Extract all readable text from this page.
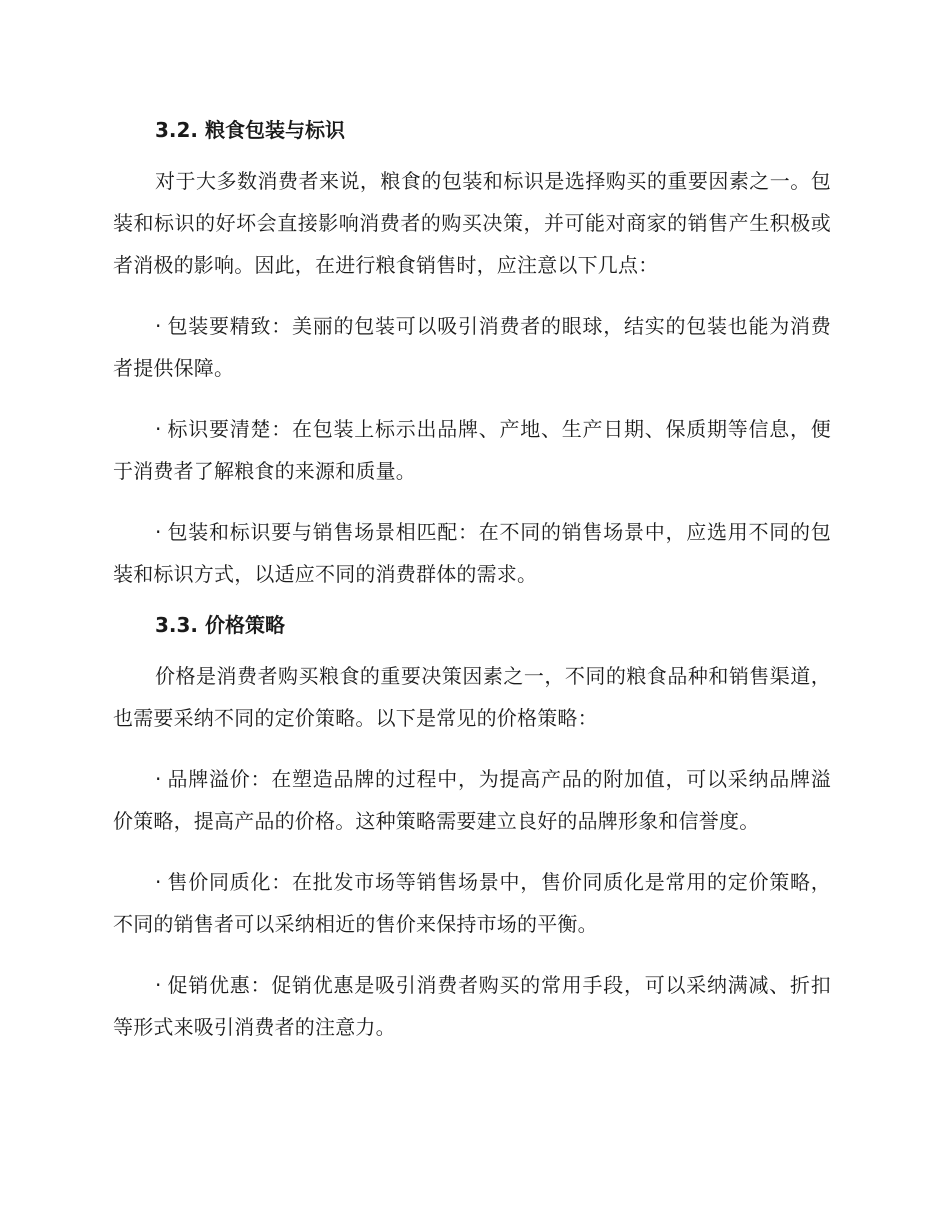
3.2. 粮食包装与标识

对于大多数消费者来说，粮食的包装和标识是选择购买的重要因素之一。包装和标识的好坏会直接影响消费者的购买决策，并可能对商家的销售产生积极或者消极的影响。因此，在进行粮食销售时，应注意以下几点：

· 包装要精致：美丽的包装可以吸引消费者的眼球，结实的包装也能为消费者提供保障。

· 标识要清楚：在包装上标示出品牌、产地、生产日期、保质期等信息，便于消费者了解粮食的来源和质量。

· 包装和标识要与销售场景相匹配：在不同的销售场景中，应选用不同的包装和标识方式，以适应不同的消费群体的需求。

3.3. 价格策略

价格是消费者购买粮食的重要决策因素之一，不同的粮食品种和销售渠道，也需要采纳不同的定价策略。以下是常见的价格策略：

· 品牌溢价：在塑造品牌的过程中，为提高产品的附加值，可以采纳品牌溢价策略，提高产品的价格。这种策略需要建立良好的品牌形象和信誉度。

· 售价同质化：在批发市场等销售场景中，售价同质化是常用的定价策略，不同的销售者可以采纳相近的售价来保持市场的平衡。

· 促销优惠：促销优惠是吸引消费者购买的常用手段，可以采纳满减、折扣等形式来吸引消费者的注意力。
